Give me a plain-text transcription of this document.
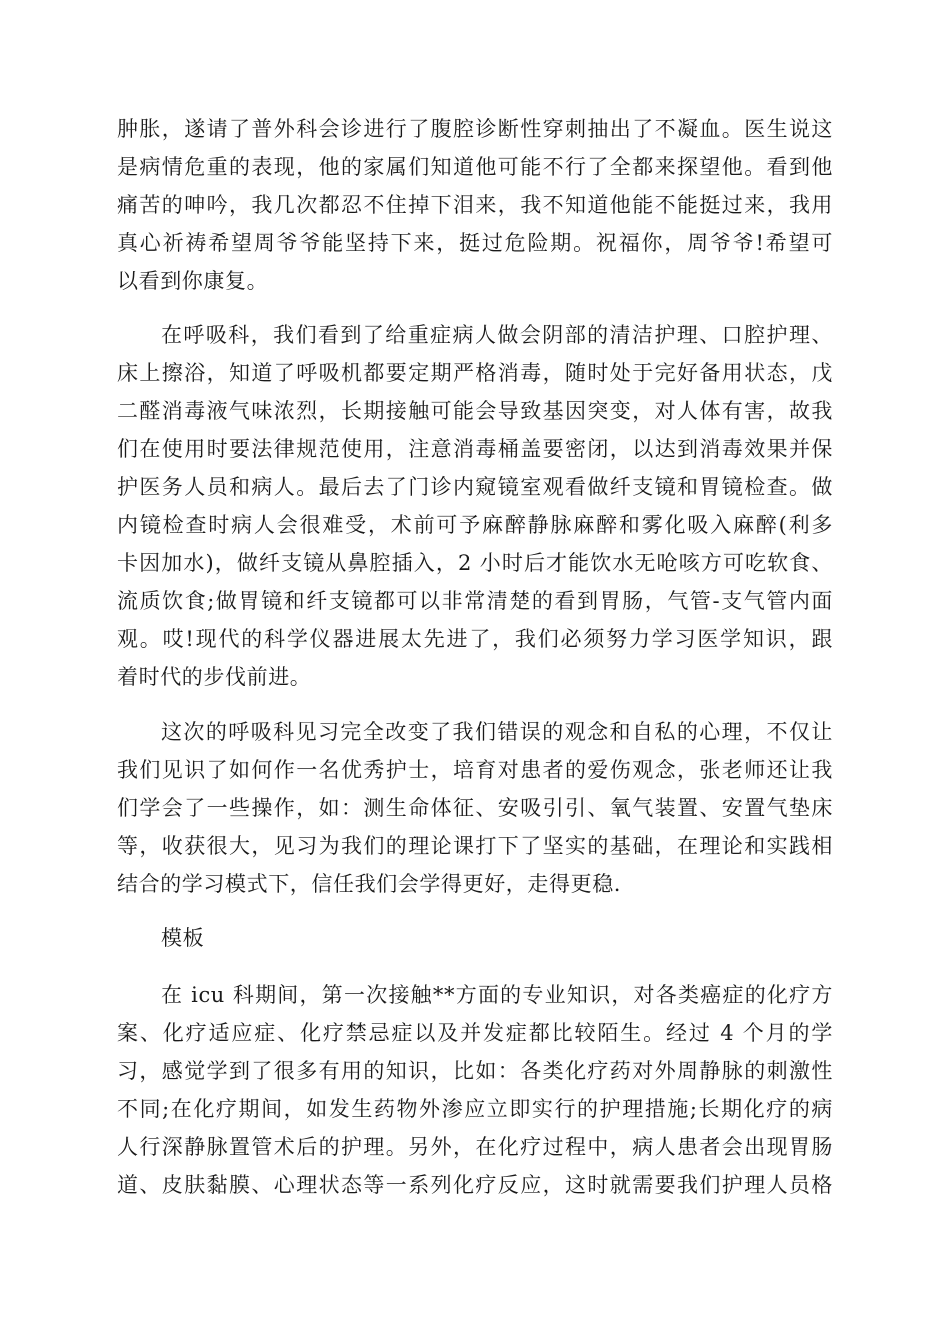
肿胀，遂请了普外科会诊进行了腹腔诊断性穿刺抽出了不凝血。医生说这
是病情危重的表现，他的家属们知道他可能不行了全都来探望他。看到他
痛苦的呻吟，我几次都忍不住掉下泪来，我不知道他能不能挺过来，我用
真心祈祷希望周爷爷能坚持下来，挺过危险期。祝福你，周爷爷!希望可
以看到你康复。
在呼吸科，我们看到了给重症病人做会阴部的清洁护理、口腔护理、
床上擦浴，知道了呼吸机都要定期严格消毒，随时处于完好备用状态，戊
二醛消毒液气味浓烈，长期接触可能会导致基因突变，对人体有害，故我
们在使用时要法律规范使用，注意消毒桶盖要密闭，以达到消毒效果并保
护医务人员和病人。最后去了门诊内窥镜室观看做纤支镜和胃镜检查。做
内镜检查时病人会很难受，术前可予麻醉静脉麻醉和雾化吸入麻醉(利多
卡因加水)，做纤支镜从鼻腔插入，2 小时后才能饮水无呛咳方可吃软食、
流质饮食;做胃镜和纤支镜都可以非常清楚的看到胃肠，气管-支气管内面
观。哎!现代的科学仪器进展太先进了，我们必须努力学习医学知识，跟
着时代的步伐前进。
这次的呼吸科见习完全改变了我们错误的观念和自私的心理，不仅让
我们见识了如何作一名优秀护士，培育对患者的爱伤观念，张老师还让我
们学会了一些操作，如：测生命体征、安吸引引、氧气装置、安置气垫床
等，收获很大，见习为我们的理论课打下了坚实的基础，在理论和实践相
结合的学习模式下，信任我们会学得更好，走得更稳.
模板
在 icu 科期间，第一次接触**方面的专业知识，对各类癌症的化疗方
案、化疗适应症、化疗禁忌症以及并发症都比较陌生。经过 4 个月的学
习，感觉学到了很多有用的知识，比如：各类化疗药对外周静脉的刺激性
不同;在化疗期间，如发生药物外渗应立即实行的护理措施;长期化疗的病
人行深静脉置管术后的护理。另外，在化疗过程中，病人患者会出现胃肠
道、皮肤黏膜、心理状态等一系列化疗反应，这时就需要我们护理人员格
